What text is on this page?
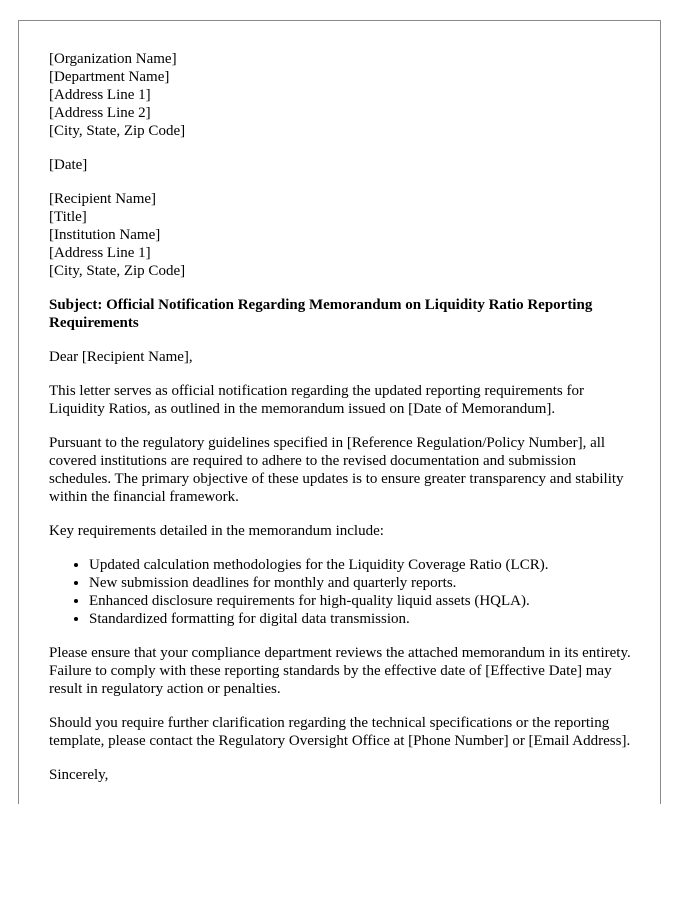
[Organization Name]
[Department Name]
[Address Line 1]
[Address Line 2]
[City, State, Zip Code]
[Date]
[Recipient Name]
[Title]
[Institution Name]
[Address Line 1]
[City, State, Zip Code]
Subject: Official Notification Regarding Memorandum on Liquidity Ratio Reporting Requirements

Dear [Recipient Name],

This letter serves as official notification regarding the updated reporting requirements for Liquidity Ratios, as outlined in the memorandum issued on [Date of Memorandum].

Pursuant to the regulatory guidelines specified in [Reference Regulation/Policy Number], all covered institutions are required to adhere to the revised documentation and submission schedules. The primary objective of these updates is to ensure greater transparency and stability within the financial framework.

Key requirements detailed in the memorandum include:

• Updated calculation methodologies for the Liquidity Coverage Ratio (LCR).
• New submission deadlines for monthly and quarterly reports.
• Enhanced disclosure requirements for high-quality liquid assets (HQLA).
• Standardized formatting for digital data transmission.

Please ensure that your compliance department reviews the attached memorandum in its entirety. Failure to comply with these reporting standards by the effective date of [Effective Date] may result in regulatory action or penalties.

Should you require further clarification regarding the technical specifications or the reporting template, please contact the Regulatory Oversight Office at [Phone Number] or [Email Address].

Sincerely,
